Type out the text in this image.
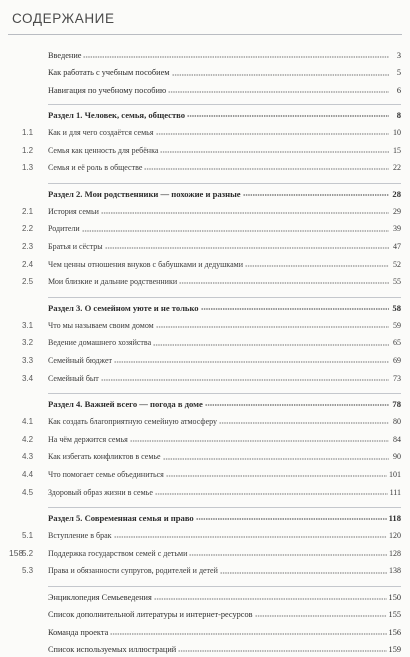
СОДЕРЖАНИЕ
Введение	3
Как работать с учебным пособием	5
Навигация по учебному пособию	6
Раздел 1. Человек, семья, общество	8
1.1	Как и для чего создаётся семья	10
1.2	Семья как ценность для ребёнка	15
1.3	Семья и её роль в обществе	22
Раздел 2. Мои родственники — похожие и разные	28
2.1	История семьи	29
2.2	Родители	39
2.3	Братья и сёстры	47
2.4	Чем ценны отношения внуков с бабушками и дедушками	52
2.5	Мои близкие и дальние родственники	55
Раздел 3. О семейном уюте и не только	58
3.1	Что мы называем своим домом	59
3.2	Ведение домашнего хозяйства	65
3.3	Семейный бюджет	69
3.4	Семейный быт	73
Раздел 4. Важней всего — погода в доме	78
4.1	Как создать благоприятную семейную атмосферу	80
4.2	На чём держится семья	84
4.3	Как избегать конфликтов в семье	90
4.4	Что помогает семье объединиться	101
4.5	Здоровый образ жизни в семье	111
Раздел 5. Современная семья и право	118
5.1	Вступление в брак	120
5.2	Поддержка государством семей с детьми	128
5.3	Права и обязанности супругов, родителей и детей	138
Энциклопедия Семьеведения	150
Список дополнительной литературы и интернет-ресурсов	155
Команда проекта	156
Список используемых иллюстраций	159
158
